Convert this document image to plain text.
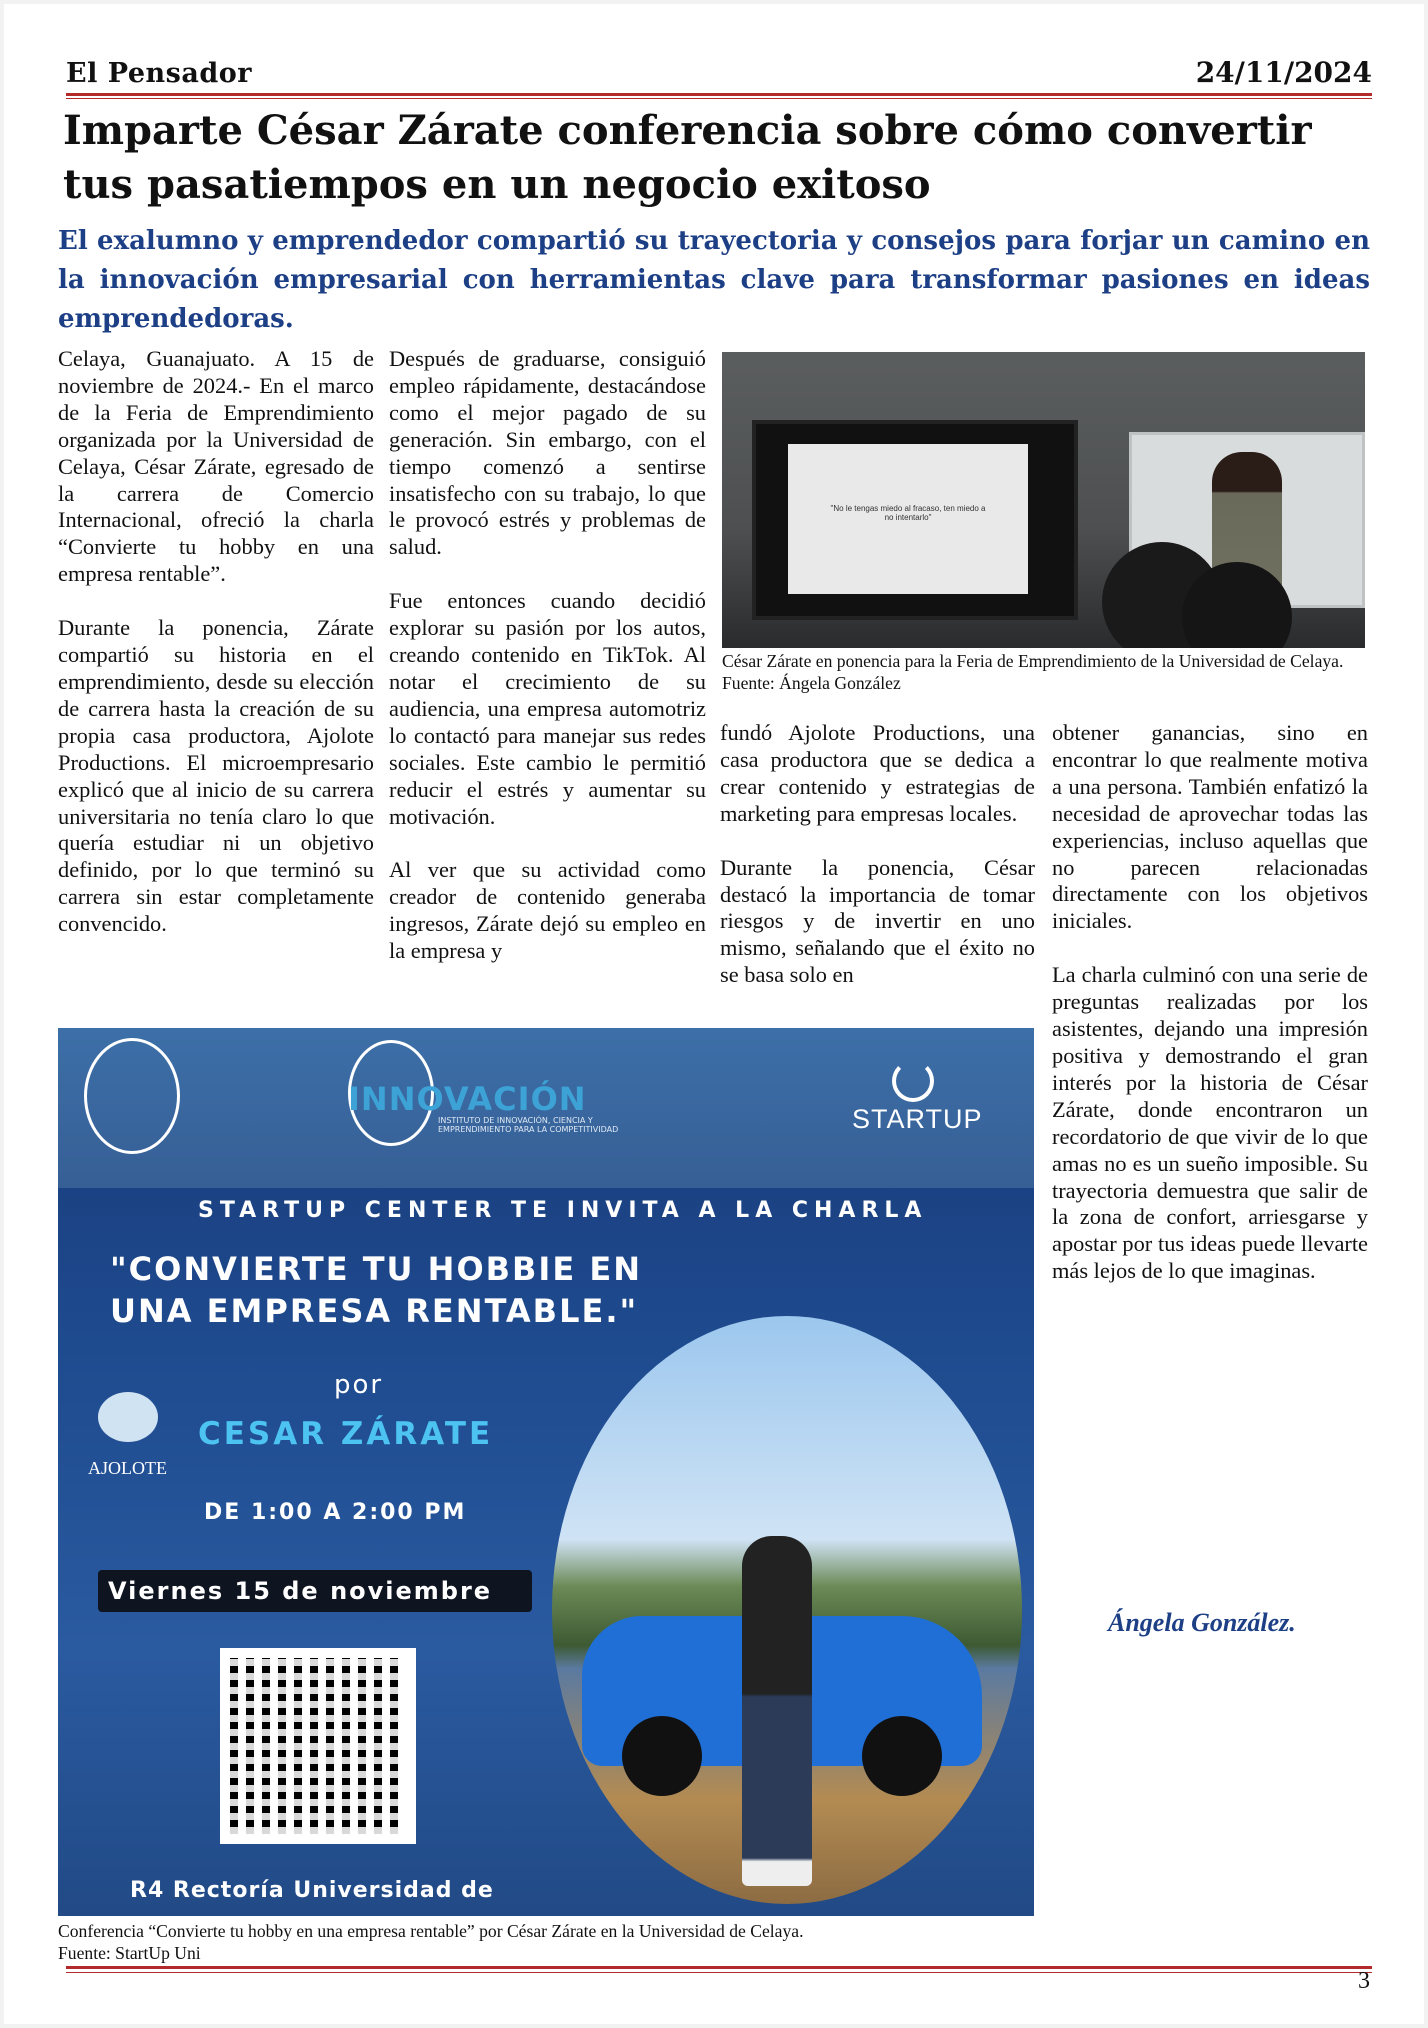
El Pensador	24/11/2024
Imparte César Zárate conferencia sobre cómo convertir tus pasatiempos en un negocio exitoso
El exalumno y emprendedor compartió su trayectoria y consejos para forjar un camino en la innovación empresarial con herramientas clave para transformar pasiones en ideas emprendedoras.

Celaya, Guanajuato. A 15 de noviembre de 2024.- En el marco de la Feria de Emprendimiento organizada por la Universidad de Celaya, César Zárate, egresado de la carrera de Comercio Internacional, ofreció la charla “Convierte tu hobby en una empresa rentable”.

Durante la ponencia, Zárate compartió su historia en el emprendimiento, desde su elección de carrera hasta la creación de su propia casa productora, Ajolote Productions. El microempresario explicó que al inicio de su carrera universitaria no tenía claro lo que quería estudiar ni un objetivo definido, por lo que terminó su carrera sin estar completamente convencido.

Después de graduarse, consiguió empleo rápidamente, destacándose como el mejor pagado de su generación. Sin embargo, con el tiempo comenzó a sentirse insatisfecho con su trabajo, lo que le provocó estrés y problemas de salud.

Fue entonces cuando decidió explorar su pasión por los autos, creando contenido en TikTok. Al notar el crecimiento de su audiencia, una empresa automotriz lo contactó para manejar sus redes sociales. Este cambio le permitió reducir el estrés y aumentar su motivación.

Al ver que su actividad como creador de contenido generaba ingresos, Zárate dejó su empleo en la empresa y

"No le tengas miedo al fracaso, ten miedo a no intentarlo"
César Zárate en ponencia para la Feria de Emprendimiento de la Universidad de Celaya. Fuente: Ángela González

fundó Ajolote Productions, una casa productora que se dedica a crear contenido y estrategias de marketing para empresas locales.

Durante la ponencia, César destacó la importancia de tomar riesgos y de invertir en uno mismo, señalando que el éxito no se basa solo en

obtener ganancias, sino en encontrar lo que realmente motiva a una persona. También enfatizó la necesidad de aprovechar todas las experiencias, incluso aquellas que no parecen relacionadas directamente con los objetivos iniciales.

La charla culminó con una serie de preguntas realizadas por los asistentes, dejando una impresión positiva y demostrando el gran interés por la historia de César Zárate, donde encontraron un recordatorio de que vivir de lo que amas no es un sueño imposible. Su trayectoria demuestra que salir de la zona de confort, arriesgarse y apostar por tus ideas puede llevarte más lejos de lo que imaginas.

Ángela González.
INNOVACIÓN
INSTITUTO DE INNOVACIÓN, CIENCIA Y EMPRENDIMIENTO PARA LA COMPETITIVIDAD	STARTUP
STARTUP CENTER TE INVITA A LA CHARLA
"CONVIERTE TU HOBBIE EN
UNA EMPRESA RENTABLE."
por
CESAR ZÁRATE
AJOLOTE
DE 1:00 A 2:00 PM
Viernes 15 de noviembre
R4 Rectoría Universidad de
Conferencia “Convierte tu hobby en una empresa rentable” por César Zárate en la Universidad de Celaya.
Fuente: StartUp Uni
3
